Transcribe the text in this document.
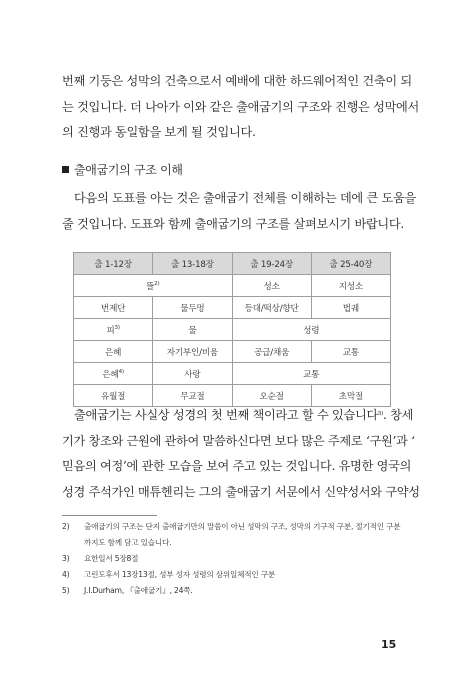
번째 기둥은 성막의 건축으로서 예배에 대한 하드웨어적인 건축이 되
는 것입니다. 더 나아가 이와 같은 출애굽기의 구조와 진행은 성막에서
의 진행과 동일함을 보게 될 것입니다.
출애굽기의 구조 이해
다음의 도표를 아는 것은 출애굽기 전체를 이해하는 데에 큰 도움을
줄 것입니다. 도표와 함께 출애굽기의 구조를 살펴보시기 바랍니다.
출 1-12장	출 13-18장	출 19-24장	출 25-40장
뜰$^{2)}$		성소	지성소
번제단	물두멍	등대/떡상/향단	법궤
피$^{3)}$	물	성령	
은혜	자기부인/비움	공급/채움	교통
은혜$^{4)}$	사랑	교통	
유월절	무교절	오순절	초막절
출애굽기는 사실상 성경의 첫 번째 책이라고 할 수 있습니다$^{5)}$. 창세
기가 창조와 근원에 관하여 말씀하신다면 보다 많은 주제로 ‘구원’과 ‘
믿음의 여정’에 관한 모습을 보여 주고 있는 것입니다. 유명한 영국의
성경 주석가인 매튜헨리는 그의 출애굽기 서문에서 신약성서와 구약성
2)	출애굽기의 구조는 단지 출애굽기만의 말씀이 아닌 성막의 구조, 성막의 기구적 구분, 절기적인 구분까지도 함께 담고 있습니다.
3)	요한일서 5장8절
4)	고린도후서 13장13절, 성부 성자 성령의 삼위일체적인 구분
5)	J.I.Durham, 『출애굽기』, 24쪽.
15
